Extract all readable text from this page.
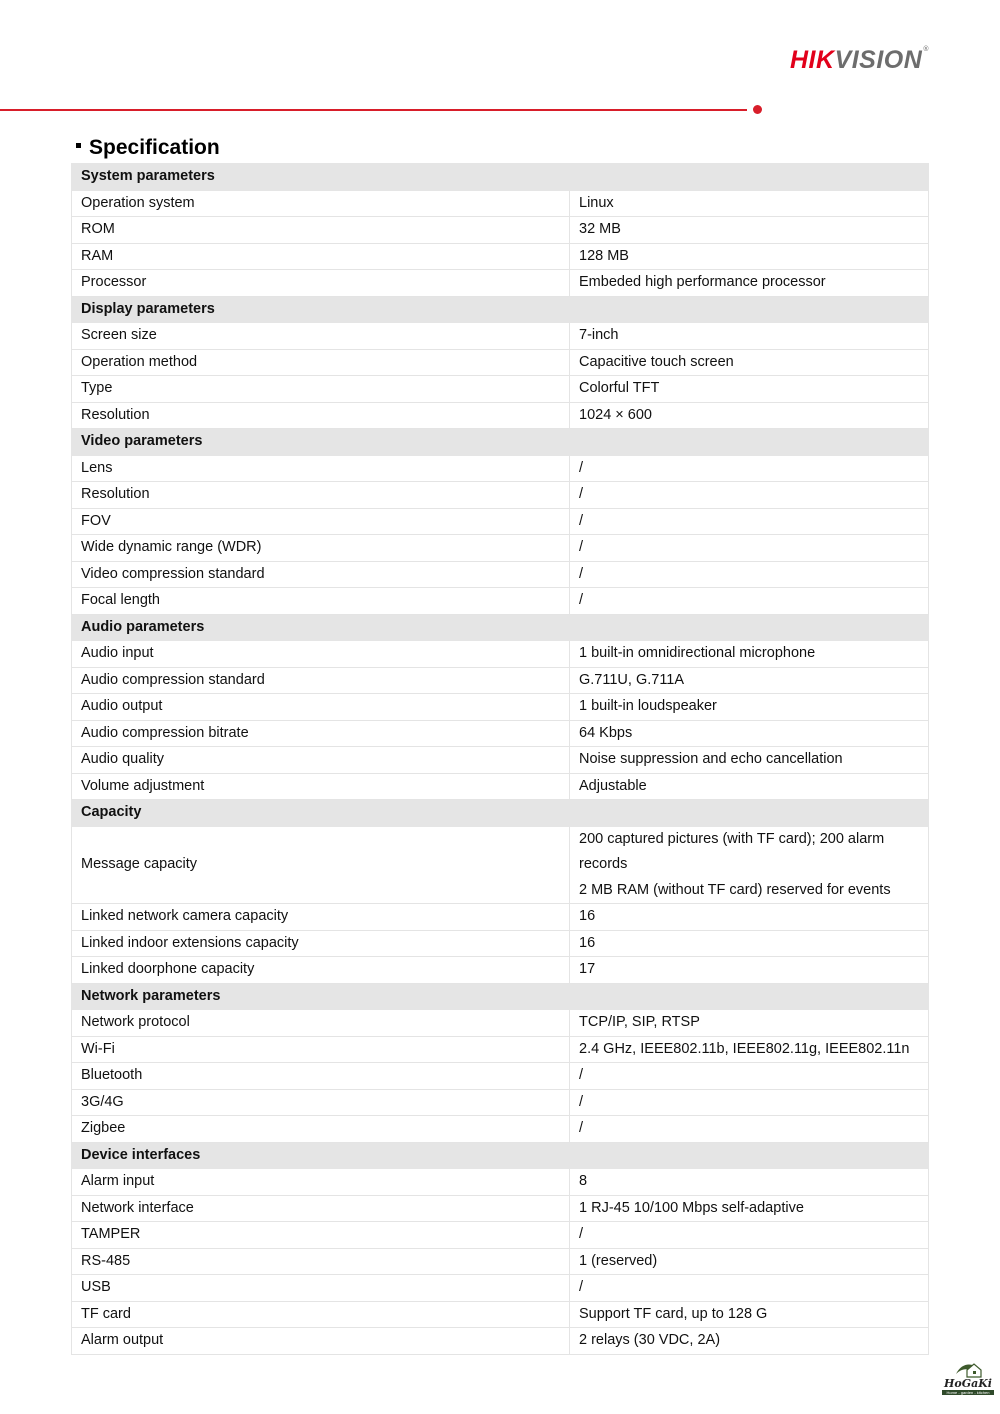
HIKVISION®
Specification
System parameters	
Operation system	Linux
ROM	32 MB
RAM	128 MB
Processor	Embeded high performance processor
Display parameters	
Screen size	7-inch
Operation method	Capacitive touch screen
Type	Colorful TFT
Resolution	1024 × 600
Video parameters	
Lens	/
Resolution	/
FOV	/
Wide dynamic range (WDR)	/
Video compression standard	/
Focal length	/
Audio parameters	
Audio input	1 built-in omnidirectional microphone
Audio compression standard	G.711U, G.711A
Audio output	1 built-in loudspeaker
Audio compression bitrate	64 Kbps
Audio quality	Noise suppression and echo cancellation
Volume adjustment	Adjustable
Capacity	
Message capacity	200 captured pictures (with TF card); 200 alarm records
2 MB RAM (without TF card) reserved for events

Linked network camera capacity	16
Linked indoor extensions capacity	16
Linked doorphone capacity	17
Network parameters	
Network protocol	TCP/IP, SIP, RTSP
Wi-Fi	2.4 GHz, IEEE802.11b, IEEE802.11g, IEEE802.11n
Bluetooth	/
3G/4G	/
Zigbee	/
Device interfaces	
Alarm input	8
Network interface	1 RJ-45 10/100 Mbps self-adaptive
TAMPER	/
RS-485	1 (reserved)
USB	/
TF card	Support TF card, up to 128 G
Alarm output	2 relays (30 VDC, 2A)
HoGaKi
Home - garden - kitchen
